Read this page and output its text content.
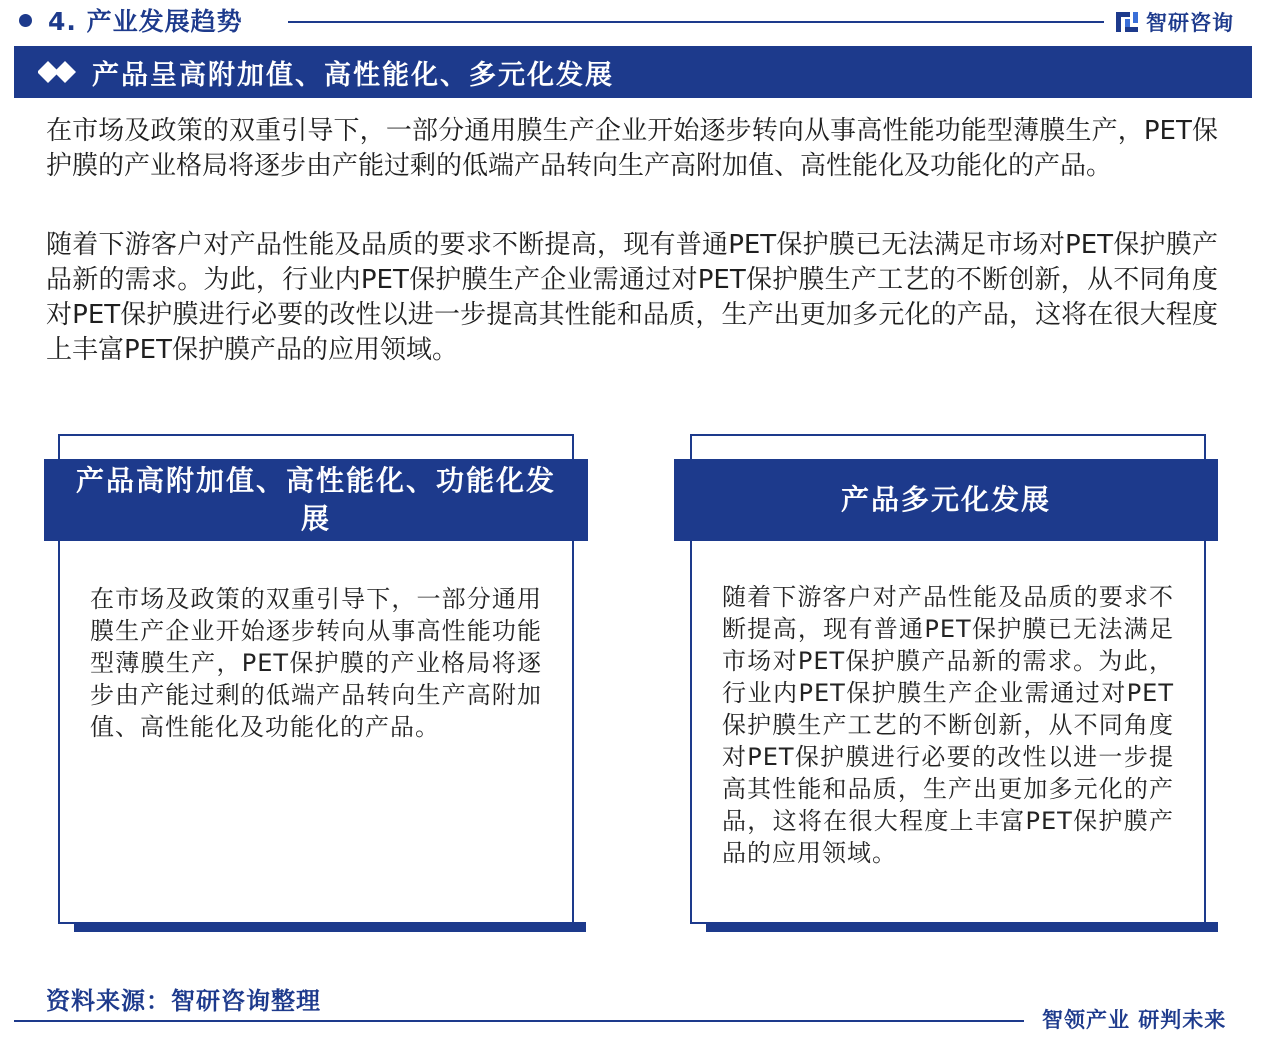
4. 产业发展趋势	智研咨询
产品呈高附加值、高性能化、多元化发展

在市场及政策的双重引导下，一部分通用膜生产企业开始逐步转向从事高性能功能型薄膜生产，PET保护膜的产业格局将逐步由产能过剩的低端产品转向生产高附加值、高性能化及功能化的产品。

随着下游客户对产品性能及品质的要求不断提高，现有普通PET保护膜已无法满足市场对PET保护膜产品新的需求。为此，行业内PET保护膜生产企业需通过对PET保护膜生产工艺的不断创新，从不同角度对PET保护膜进行必要的改性以进一步提高其性能和品质，生产出更加多元化的产品，这将在很大程度上丰富PET保护膜产品的应用领域。

产品高附加值、高性能化、功能化发展
在市场及政策的双重引导下，一部分通用膜生产企业开始逐步转向从事高性能功能型薄膜生产，PET保护膜的产业格局将逐步由产能过剩的低端产品转向生产高附加值、高性能化及功能化的产品。
产品多元化发展
随着下游客户对产品性能及品质的要求不断提高，现有普通PET保护膜已无法满足市场对PET保护膜产品新的需求。为此，行业内PET保护膜生产企业需通过对PET保护膜生产工艺的不断创新，从不同角度对PET保护膜进行必要的改性以进一步提高其性能和品质，生产出更加多元化的产品，这将在很大程度上丰富PET保护膜产品的应用领域。
资料来源：智研咨询整理
智领产业 研判未来
